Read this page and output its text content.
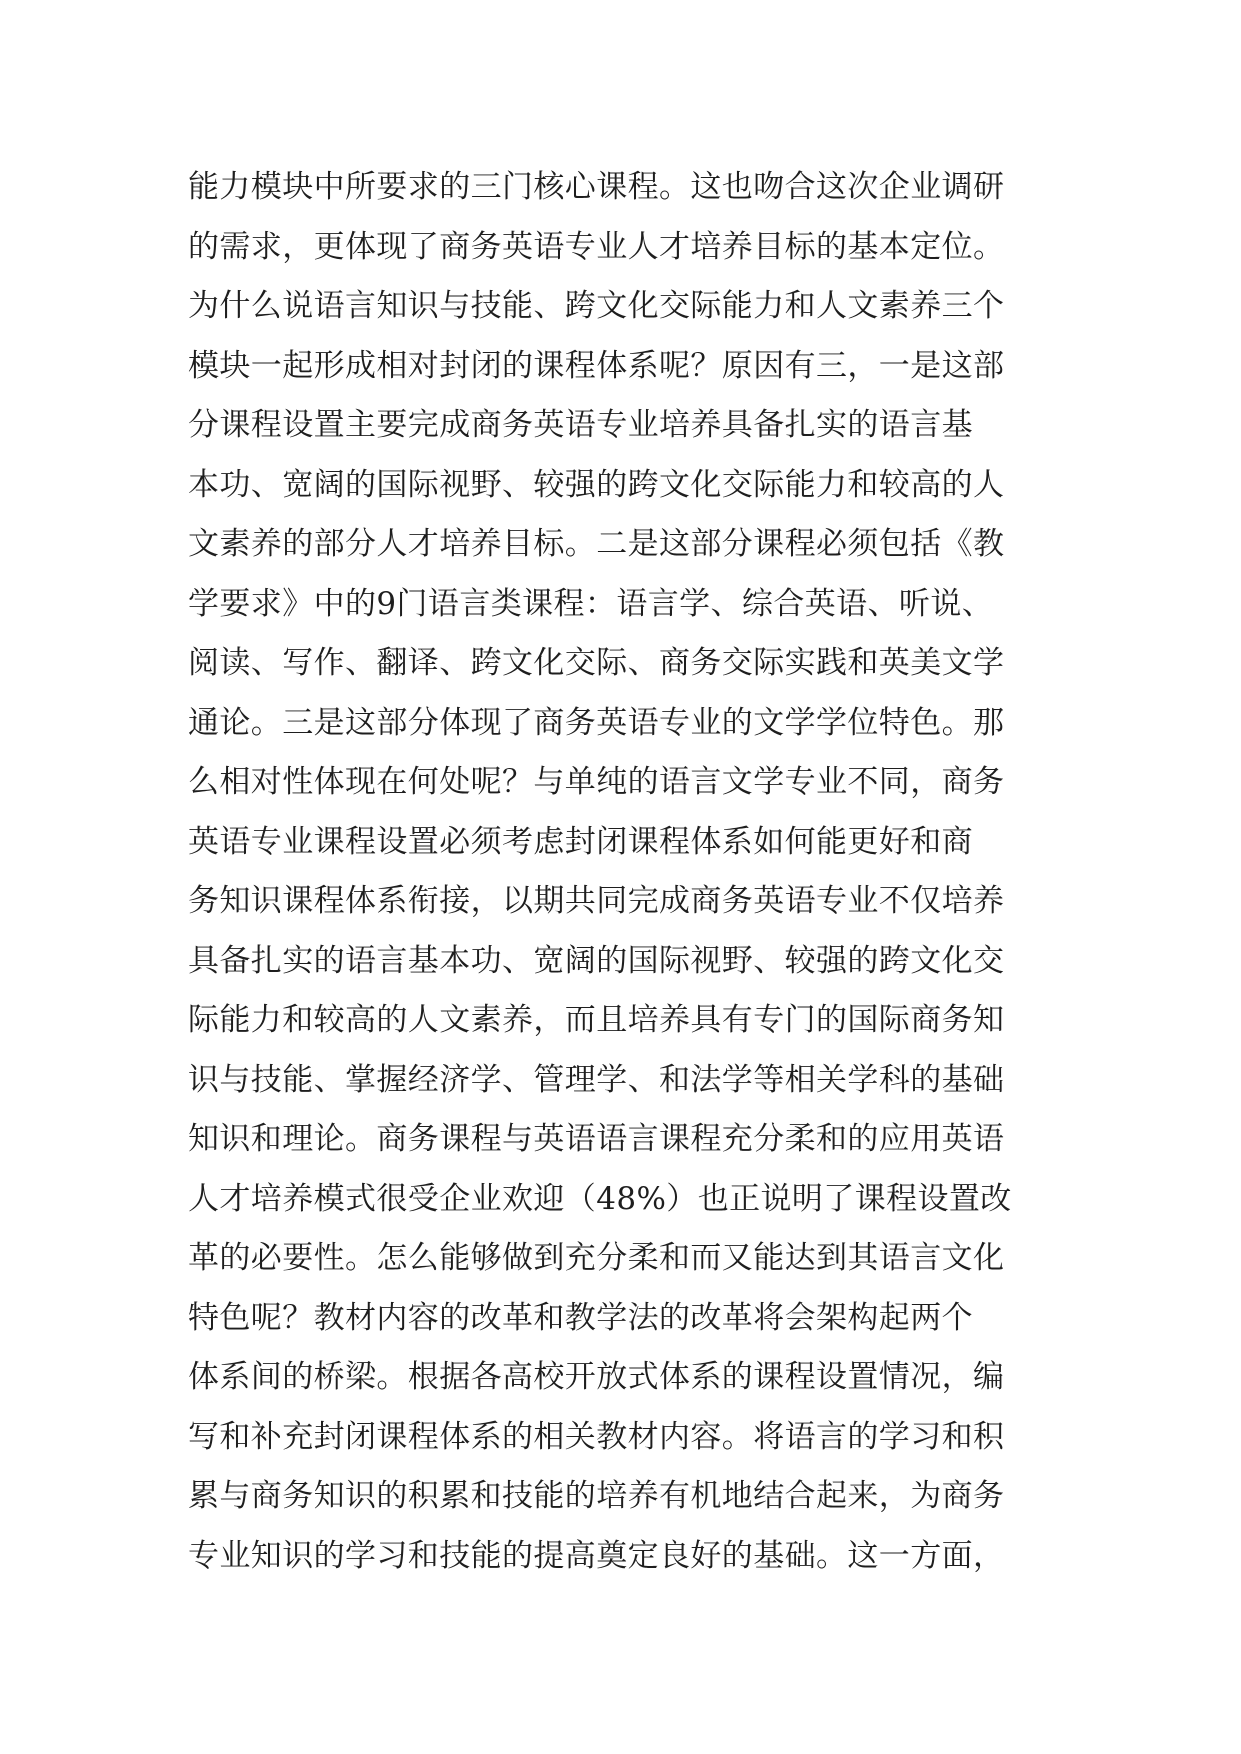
能力模块中所要求的三门核心课程。这也吻合这次企业调研
的需求，更体现了商务英语专业人才培养目标的基本定位。
为什么说语言知识与技能、跨文化交际能力和人文素养三个
模块一起形成相对封闭的课程体系呢？原因有三，一是这部
分课程设置主要完成商务英语专业培养具备扎实的语言基
本功、宽阔的国际视野、较强的跨文化交际能力和较高的人
文素养的部分人才培养目标。二是这部分课程必须包括《教
学要求》中的9门语言类课程：语言学、综合英语、听说、
阅读、写作、翻译、跨文化交际、商务交际实践和英美文学
通论。三是这部分体现了商务英语专业的文学学位特色。那
么相对性体现在何处呢？与单纯的语言文学专业不同，商务
英语专业课程设置必须考虑封闭课程体系如何能更好和商
务知识课程体系衔接，以期共同完成商务英语专业不仅培养
具备扎实的语言基本功、宽阔的国际视野、较强的跨文化交
际能力和较高的人文素养，而且培养具有专门的国际商务知
识与技能、掌握经济学、管理学、和法学等相关学科的基础
知识和理论。商务课程与英语语言课程充分柔和的应用英语
人才培养模式很受企业欢迎（48%）也正说明了课程设置改
革的必要性。怎么能够做到充分柔和而又能达到其语言文化
特色呢？教材内容的改革和教学法的改革将会架构起两个
体系间的桥梁。根据各高校开放式体系的课程设置情况，编
写和补充封闭课程体系的相关教材内容。将语言的学习和积
累与商务知识的积累和技能的培养有机地结合起来，为商务
专业知识的学习和技能的提高奠定良好的基础。这一方面，
